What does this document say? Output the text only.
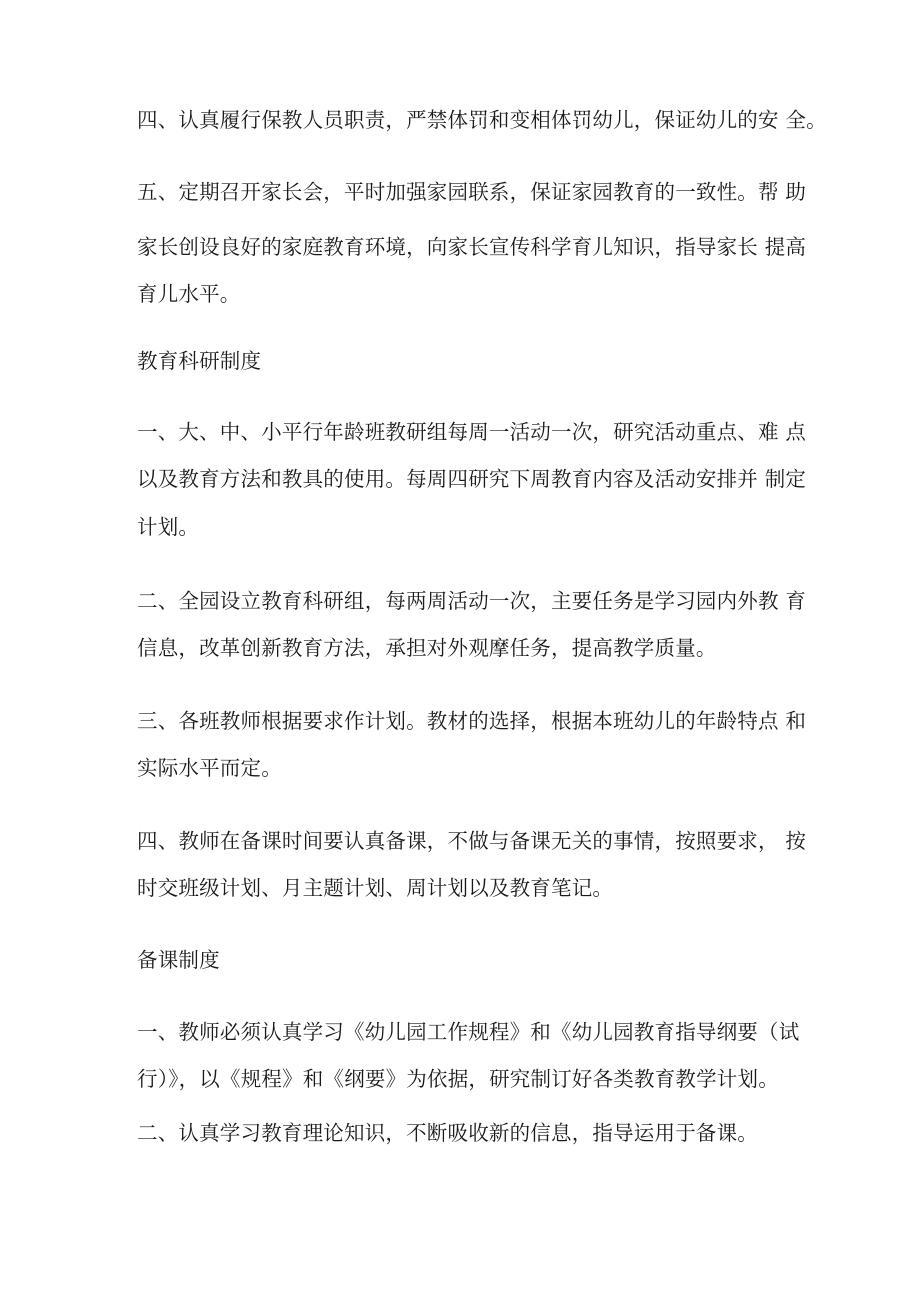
四、认真履行保教人员职责，严禁体罚和变相体罚幼儿，保证幼儿的安 全。
五、定期召开家长会，平时加强家园联系，保证家园教育的一致性。帮 助
家长创设良好的家庭教育环境，向家长宣传科学育儿知识，指导家长 提高
育儿水平。
教育科研制度
一、大、中、小平行年龄班教研组每周一活动一次，研究活动重点、难 点
以及教育方法和教具的使用。每周四研究下周教育内容及活动安排并 制定
计划。
二、全园设立教育科研组，每两周活动一次，主要任务是学习园内外教 育
信息，改革创新教育方法，承担对外观摩任务，提高教学质量。
三、各班教师根据要求作计划。教材的选择，根据本班幼儿的年龄特点 和
实际水平而定。
四、教师在备课时间要认真备课，不做与备课无关的事情，按照要求， 按
时交班级计划、月主题计划、周计划以及教育笔记。
备课制度
一、教师必须认真学习《幼儿园工作规程》和《幼儿园教育指导纲要（试
行）》，以《规程》和《纲要》为依据，研究制订好各类教育教学计划。
二、认真学习教育理论知识，不断吸收新的信息，指导运用于备课。
